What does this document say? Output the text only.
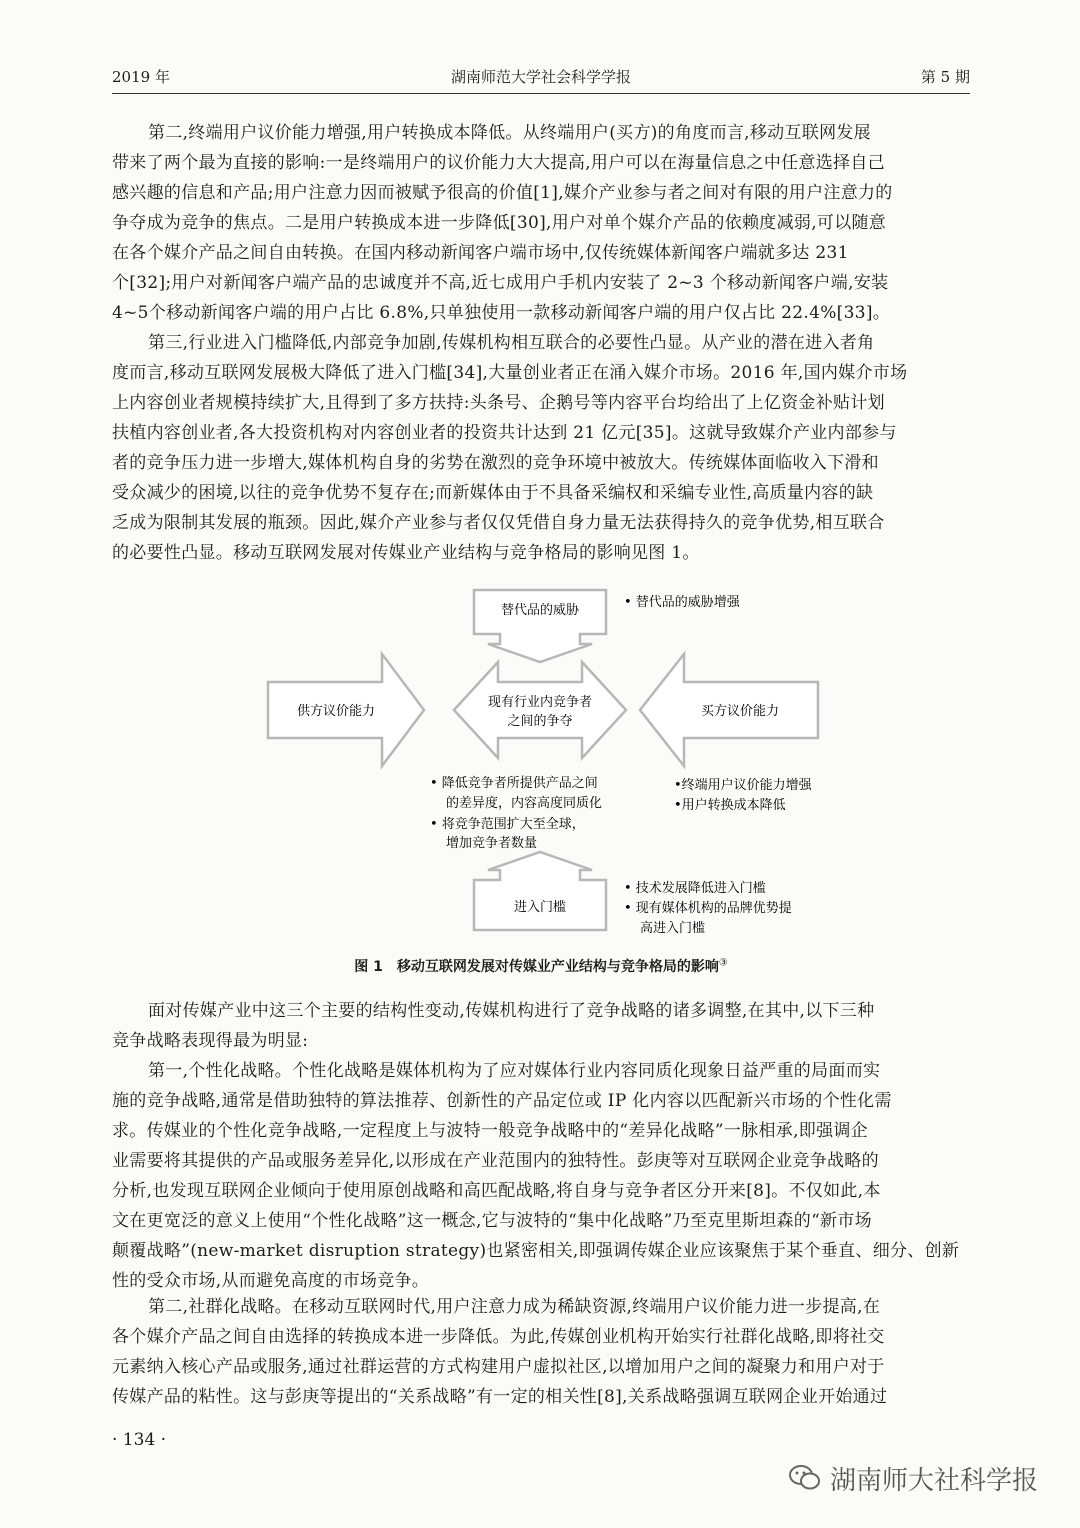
2019 年	湖南师范大学社会科学学报	第 5 期
第二,终端用户议价能力增强,用户转换成本降低。从终端用户(买方)的角度而言,移动互联网发展
带来了两个最为直接的影响:一是终端用户的议价能力大大提高,用户可以在海量信息之中任意选择自己
感兴趣的信息和产品;用户注意力因而被赋予很高的价值[1],媒介产业参与者之间对有限的用户注意力的
争夺成为竞争的焦点。二是用户转换成本进一步降低[30],用户对单个媒介产品的依赖度减弱,可以随意
在各个媒介产品之间自由转换。在国内移动新闻客户端市场中,仅传统媒体新闻客户端就多达 231
个[32];用户对新闻客户端产品的忠诚度并不高,近七成用户手机内安装了 2~3 个移动新闻客户端,安装
4~5个移动新闻客户端的用户占比 6.8%,只单独使用一款移动新闻客户端的用户仅占比 22.4%[33]。
第三,行业进入门槛降低,内部竞争加剧,传媒机构相互联合的必要性凸显。从产业的潜在进入者角
度而言,移动互联网发展极大降低了进入门槛[34],大量创业者正在涌入媒介市场。2016 年,国内媒介市场
上内容创业者规模持续扩大,且得到了多方扶持:头条号、企鹅号等内容平台均给出了上亿资金补贴计划
扶植内容创业者,各大投资机构对内容创业者的投资共计达到 21 亿元[35]。这就导致媒介产业内部参与
者的竞争压力进一步增大,媒体机构自身的劣势在激烈的竞争环境中被放大。传统媒体面临收入下滑和
受众减少的困境,以往的竞争优势不复存在;而新媒体由于不具备采编权和采编专业性,高质量内容的缺
乏成为限制其发展的瓶颈。因此,媒介产业参与者仅仅凭借自身力量无法获得持久的竞争优势,相互联合
的必要性凸显。移动互联网发展对传媒业产业结构与竞争格局的影响见图 1。
替代品的威胁
• 替代品的威胁增强
供方议价能力
现有行业内竞争者
之间的争夺
买方议价能力
• 降低竞争者所提供产品之间
的差异度，内容高度同质化
• 将竞争范围扩大至全球，
增加竞争者数量
•终端用户议价能力增强
•用户转换成本降低
进入门槛
• 技术发展降低进入门槛
• 现有媒体机构的品牌优势提
高进入门槛
图 1　移动互联网发展对传媒业产业结构与竞争格局的影响③
面对传媒产业中这三个主要的结构性变动,传媒机构进行了竞争战略的诸多调整,在其中,以下三种
竞争战略表现得最为明显:
第一,个性化战略。个性化战略是媒体机构为了应对媒体行业内容同质化现象日益严重的局面而实
施的竞争战略,通常是借助独特的算法推荐、创新性的产品定位或 IP 化内容以匹配新兴市场的个性化需
求。传媒业的个性化竞争战略,一定程度上与波特一般竞争战略中的“差异化战略”一脉相承,即强调企
业需要将其提供的产品或服务差异化,以形成在产业范围内的独特性。彭庚等对互联网企业竞争战略的
分析,也发现互联网企业倾向于使用原创战略和高匹配战略,将自身与竞争者区分开来[8]。不仅如此,本
文在更宽泛的意义上使用“个性化战略”这一概念,它与波特的“集中化战略”乃至克里斯坦森的“新市场
颠覆战略”(new-market disruption strategy)也紧密相关,即强调传媒企业应该聚焦于某个垂直、细分、创新
性的受众市场,从而避免高度的市场竞争。
第二,社群化战略。在移动互联网时代,用户注意力成为稀缺资源,终端用户议价能力进一步提高,在
各个媒介产品之间自由选择的转换成本进一步降低。为此,传媒创业机构开始实行社群化战略,即将社交
元素纳入核心产品或服务,通过社群运营的方式构建用户虚拟社区,以增加用户之间的凝聚力和用户对于
传媒产品的粘性。这与彭庚等提出的“关系战略”有一定的相关性[8],关系战略强调互联网企业开始通过
· 134 ·
湖南师大社科学报
